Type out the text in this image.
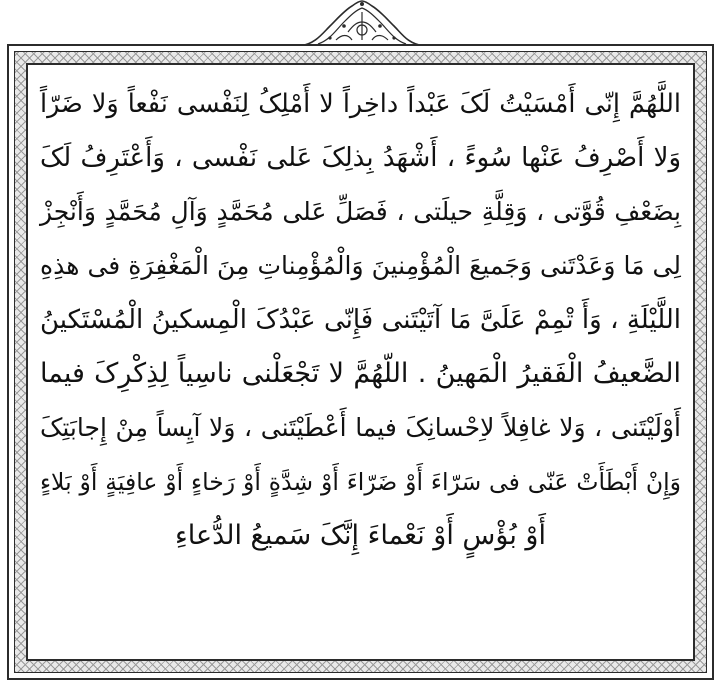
اللَّهُمَّ إِنّی أَمْسَیْتُ لَکَ عَبْداً داخِراً لا أَمْلِکُ لِنَفْسی نَفْعاً وَلا ضَرّاً
وَلا أَصْرِفُ عَنْها سُوءً ، أَشْهَدُ بِذلِکَ عَلی نَفْسی ، وَأَعْتَرِفُ لَکَ
بِضَعْفِ قُوَّتی ، وَقِلَّةِ حیلَتی ، فَصَلِّ عَلی مُحَمَّدٍ وَآلِ مُحَمَّدٍ وَأَنْجِزْ
لِی مَا وَعَدْتَنی وَجَمیعَ الْمُؤْمِنینَ وَالْمُؤْمِناتِ مِنَ الْمَغْفِرَةِ فی هذِهِ
اللَّیْلَةِ ، وَأَ تْمِمْ عَلَیَّ مَا آتَیْتَنی فَإِنّی عَبْدُکَ الْمِسکینُ الْمُسْتَکینُ
الضَّعیفُ الْفَقیرُ الْمَهینُ . اللّهُمَّ لا تَجْعَلْنی ناسِیاً لِذِکْرِکَ فیما
أَوْلَیْتَنی ، وَلا غافِلاً لاِحْسانِکَ فیما أَعْطَیْتَنی ، وَلا آیِساً مِنْ إِجابَتِکَ
وَإِنْ أَبْطَأَتْ عَنّی فی سَرّاءَ أَوْ ضَرّاءَ أَوْ شِدَّةٍ أَوْ رَخاءٍ أَوْ عافِیَةٍ أَوْ بَلاءٍ
أَوْ بُؤْسٍ أَوْ نَعْماءَ إِنَّکَ سَمیعُ الدُّعاءِ
